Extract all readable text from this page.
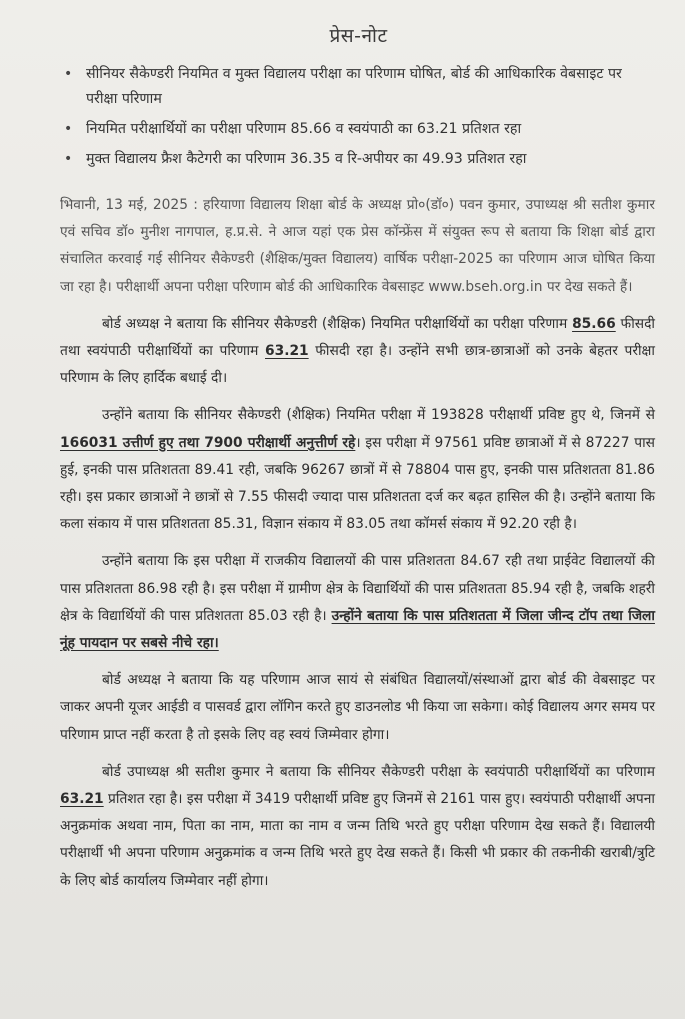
प्रेस-नोट
• सीनियर सैकेण्डरी नियमित व मुक्त विद्यालय परीक्षा का परिणाम घोषित, बोर्ड की आधिकारिक वेबसाइट पर परीक्षा परिणाम
• नियमित परीक्षार्थियों का परीक्षा परिणाम 85.66 व स्वयंपाठी का 63.21 प्रतिशत रहा
• मुक्त विद्यालय फ्रैश कैटेगरी का परिणाम 36.35 व रि-अपीयर का 49.93 प्रतिशत रहा

भिवानी, 13 मई, 2025 : हरियाणा विद्यालय शिक्षा बोर्ड के अध्यक्ष प्रो०(डॉ०) पवन कुमार, उपाध्यक्ष श्री सतीश कुमार एवं सचिव डॉ० मुनीश नागपाल, ह.प्र.से. ने आज यहां एक प्रेस कॉन्फ्रेंस में संयुक्त रूप से बताया कि शिक्षा बोर्ड द्वारा संचालित करवाई गई सीनियर सैकेण्डरी (शैक्षिक/मुक्त विद्यालय) वार्षिक परीक्षा-2025 का परिणाम आज घोषित किया जा रहा है। परीक्षार्थी अपना परीक्षा परिणाम बोर्ड की आधिकारिक वेबसाइट www.bseh.org.in पर देख सकते हैं।

बोर्ड अध्यक्ष ने बताया कि सीनियर सैकेण्डरी (शैक्षिक) नियमित परीक्षार्थियों का परीक्षा परिणाम 85.66 फीसदी तथा स्वयंपाठी परीक्षार्थियों का परिणाम 63.21 फीसदी रहा है। उन्होंने सभी छात्र-छात्राओं को उनके बेहतर परीक्षा परिणाम के लिए हार्दिक बधाई दी।

उन्होंने बताया कि सीनियर सैकेण्डरी (शैक्षिक) नियमित परीक्षा में 193828 परीक्षार्थी प्रविष्ट हुए थे, जिनमें से 166031 उत्तीर्ण हुए तथा 7900 परीक्षार्थी अनुत्तीर्ण रहे। इस परीक्षा में 97561 प्रविष्ट छात्राओं में से 87227 पास हुई, इनकी पास प्रतिशतता 89.41 रही, जबकि 96267 छात्रों में से 78804 पास हुए, इनकी पास प्रतिशतता 81.86 रही। इस प्रकार छात्राओं ने छात्रों से 7.55 फीसदी ज्यादा पास प्रतिशतता दर्ज कर बढ़त हासिल की है। उन्होंने बताया कि कला संकाय में पास प्रतिशतता 85.31, विज्ञान संकाय में 83.05 तथा कॉमर्स संकाय में 92.20 रही है।

उन्होंने बताया कि इस परीक्षा में राजकीय विद्यालयों की पास प्रतिशतता 84.67 रही तथा प्राईवेट विद्यालयों की पास प्रतिशतता 86.98 रही है। इस परीक्षा में ग्रामीण क्षेत्र के विद्यार्थियों की पास प्रतिशतता 85.94 रही है, जबकि शहरी क्षेत्र के विद्यार्थियों की पास प्रतिशतता 85.03 रही है। उन्होंने बताया कि पास प्रतिशतता में जिला जीन्द टॉप तथा जिला नूंह पायदान पर सबसे नीचे रहा।

बोर्ड अध्यक्ष ने बताया कि यह परिणाम आज सायं से संबंधित विद्यालयों/संस्थाओं द्वारा बोर्ड की वेबसाइट पर जाकर अपनी यूजर आईडी व पासवर्ड द्वारा लॉगिन करते हुए डाउनलोड भी किया जा सकेगा। कोई विद्यालय अगर समय पर परिणाम प्राप्त नहीं करता है तो इसके लिए वह स्वयं जिम्मेवार होगा।

बोर्ड उपाध्यक्ष श्री सतीश कुमार ने बताया कि सीनियर सैकेण्डरी परीक्षा के स्वयंपाठी परीक्षार्थियों का परिणाम 63.21 प्रतिशत रहा है। इस परीक्षा में 3419 परीक्षार्थी प्रविष्ट हुए जिनमें से 2161 पास हुए। स्वयंपाठी परीक्षार्थी अपना अनुक्रमांक अथवा नाम, पिता का नाम, माता का नाम व जन्म तिथि भरते हुए परीक्षा परिणाम देख सकते हैं। विद्यालयी परीक्षार्थी भी अपना परिणाम अनुक्रमांक व जन्म तिथि भरते हुए देख सकते हैं। किसी भी प्रकार की तकनीकी खराबी/त्रुटि के लिए बोर्ड कार्यालय जिम्मेवार नहीं होगा।
